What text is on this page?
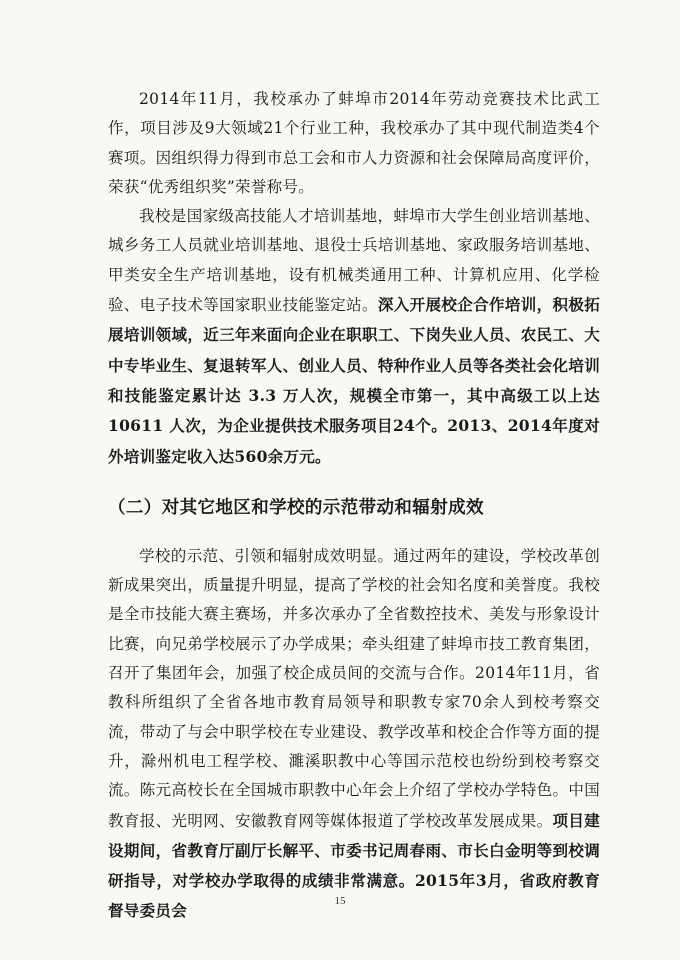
2014年11月，我校承办了蚌埠市2014年劳动竞赛技术比武工作，项目涉及9大领域21个行业工种，我校承办了其中现代制造类4个赛项。因组织得力得到市总工会和市人力资源和社会保障局高度评价，荣获“优秀组织奖”荣誉称号。

我校是国家级高技能人才培训基地，蚌埠市大学生创业培训基地、城乡务工人员就业培训基地、退役士兵培训基地、家政服务培训基地、甲类安全生产培训基地，设有机械类通用工种、计算机应用、化学检验、电子技术等国家职业技能鉴定站。深入开展校企合作培训，积极拓展培训领域，近三年来面向企业在职职工、下岗失业人员、农民工、大中专毕业生、复退转军人、创业人员、特种作业人员等各类社会化培训和技能鉴定累计达 3.3 万人次，规模全市第一，其中高级工以上达 10611 人次，为企业提供技术服务项目24个。2013、2014年度对外培训鉴定收入达560余万元。

（二）对其它地区和学校的示范带动和辐射成效

学校的示范、引领和辐射成效明显。通过两年的建设，学校改革创新成果突出，质量提升明显，提高了学校的社会知名度和美誉度。我校是全市技能大赛主赛场，并多次承办了全省数控技术、美发与形象设计比赛，向兄弟学校展示了办学成果；牵头组建了蚌埠市技工教育集团，召开了集团年会，加强了校企成员间的交流与合作。2014年11月，省教科所组织了全省各地市教育局领导和职教专家70余人到校考察交流，带动了与会中职学校在专业建设、教学改革和校企合作等方面的提升，滁州机电工程学校、濉溪职教中心等国示范校也纷纷到校考察交流。陈元高校长在全国城市职教中心年会上介绍了学校办学特色。中国教育报、光明网、安徽教育网等媒体报道了学校改革发展成果。项目建设期间，省教育厅副厅长解平、市委书记周春雨、市长白金明等到校调研指导，对学校办学取得的成绩非常满意。2015年3月，省政府教育督导委员会

15
